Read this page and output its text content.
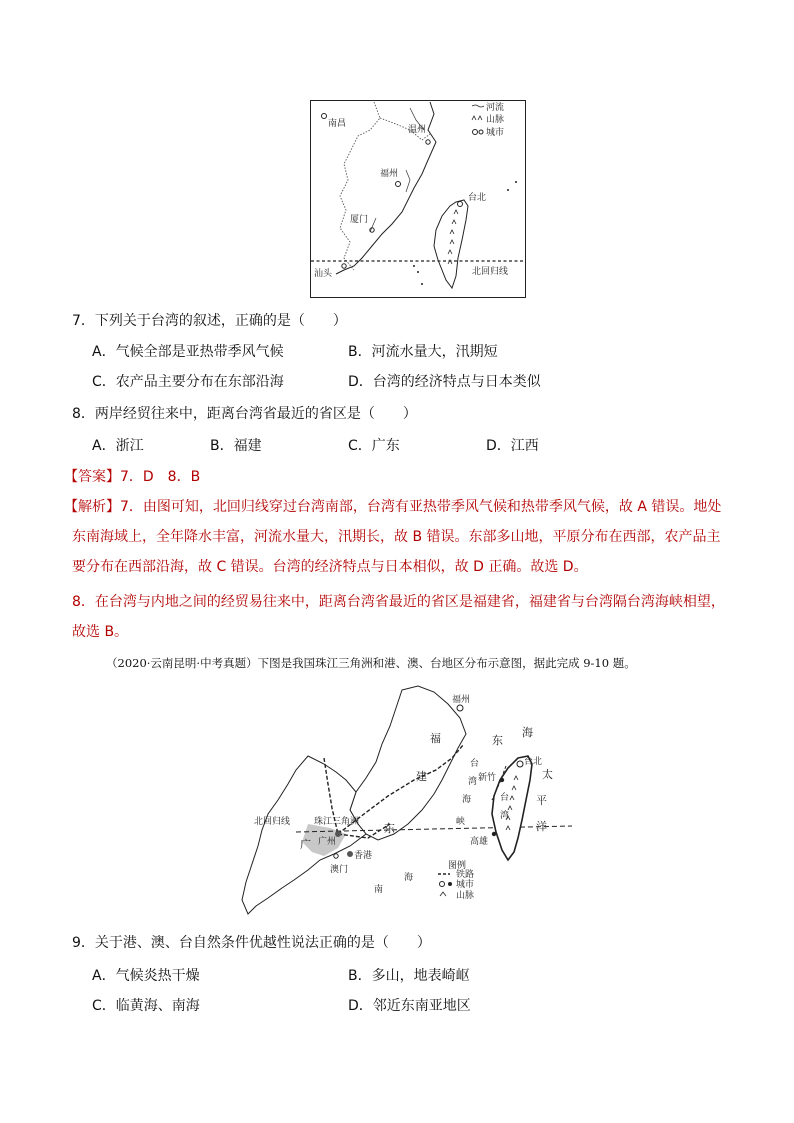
河流
山脉
城市
南昌
温州
福州
厦门
台北
汕头	北回归线
7．下列关于台湾的叙述，正确的是（　　）
A．气候全部是亚热带季风气候	B．河流水量大，汛期短
C．农产品主要分布在东部沿海	D．台湾的经济特点与日本类似
8．两岸经贸往来中，距离台湾省最近的省区是（　　）
A．浙江	B．福建	C．广东	D．江西
【答案】7．D　8．B
【解析】7．由图可知，北回归线穿过台湾南部，台湾有亚热带季风气候和热带季风气候，故 A 错误。地处
东南海域上，全年降水丰富，河流水量大，汛期长，故 B 错误。东部多山地，平原分布在西部，农产品主
要分布在西部沿海，故 C 错误。台湾的经济特点与日本相似，故 D 正确。故选 D。
8．在台湾与内地之间的经贸易往来中，距离台湾省最近的省区是福建省，福建省与台湾隔台湾海峡相望，
故选 B。
（2020·云南昆明·中考真题）下图是我国珠江三角洲和港、澳、台地区分布示意图，据此完成 9-10 题。
图例
铁路
城市
山脉
福
建
福州
东
海
台
湾
海
峡
台北
新竹
台
湾
太
平
洋
高雄
北回归线	珠江三角洲
广
东
广州
香港
澳门
南
海
9．关于港、澳、台自然条件优越性说法正确的是（　　）
A．气候炎热干燥	B．多山，地表崎岖
C．临黄海、南海	D．邻近东南亚地区
